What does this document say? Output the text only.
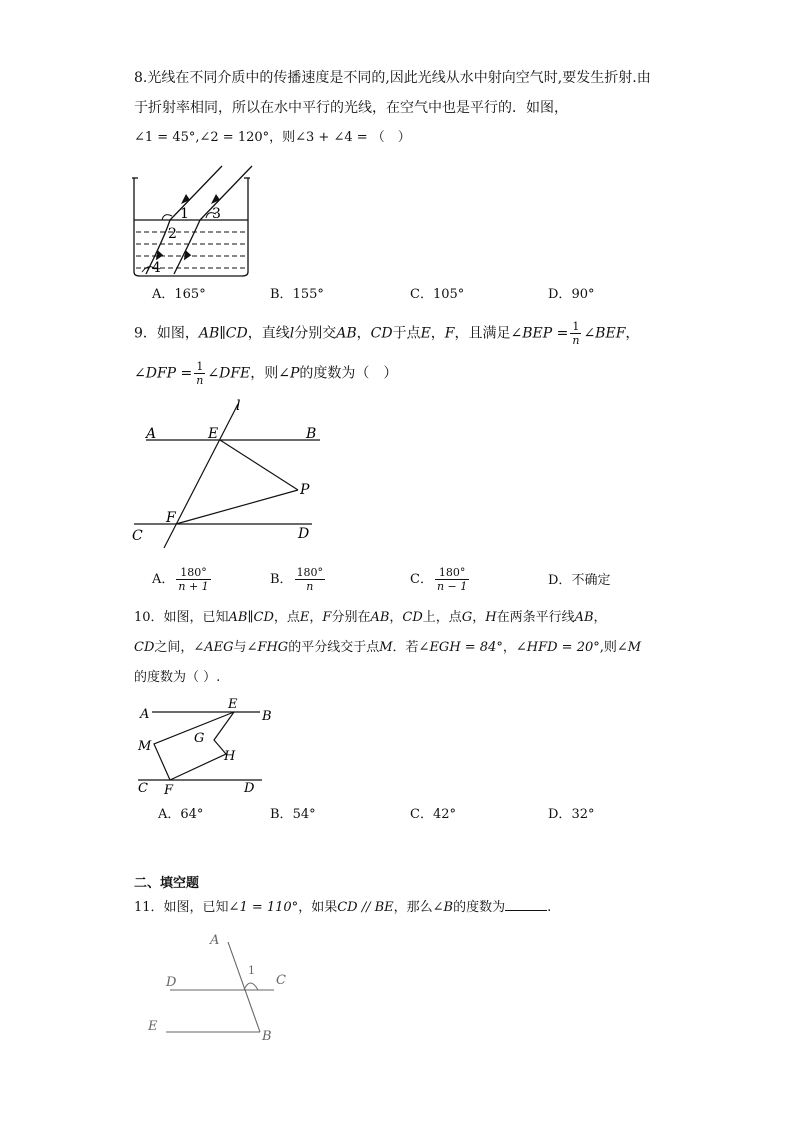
8.光线在不同介质中的传播速度是不同的,因此光线从水中射向空气时,要发生折射.由
于折射率相同，所以在水中平行的光线，在空气中也是平行的．如图，
∠1 = 45°,∠2 = 120°，则∠3 + ∠4 = （　）
1
2
3
4
A．165°	B．155°	C．105°	D．90°
9．如图，AB∥CD，直线l分别交AB，CD于点E，F，且满足∠BEP = $\frac{1}{n}$ ∠BEF，
∠DFP = $\frac{1}{n}$ ∠DFE，则∠P的度数为（　）
l
A	E	B
P
F
C	D
A． $\frac{180^\circ}{n + 1}$	B． $\frac{180^\circ}{n}$	C． $\frac{180^\circ}{n - 1}$	D．不确定
10．如图，已知AB∥CD，点E，F分别在AB，CD上，点G，H在两条平行线AB，
CD之间，∠AEG与∠FHG的平分线交于点M．若∠EGH = 84°，∠HFD = 20°,则∠M
的度数为（ ）.
A
E
B
M
G
H
C F	D
A．64°	B．54°	C．42°	D．32°
二、填空题
11．如图，已知∠1 = 110°，如果CD // BE，那么∠B的度数为	.
A
D
1
C
E
B
